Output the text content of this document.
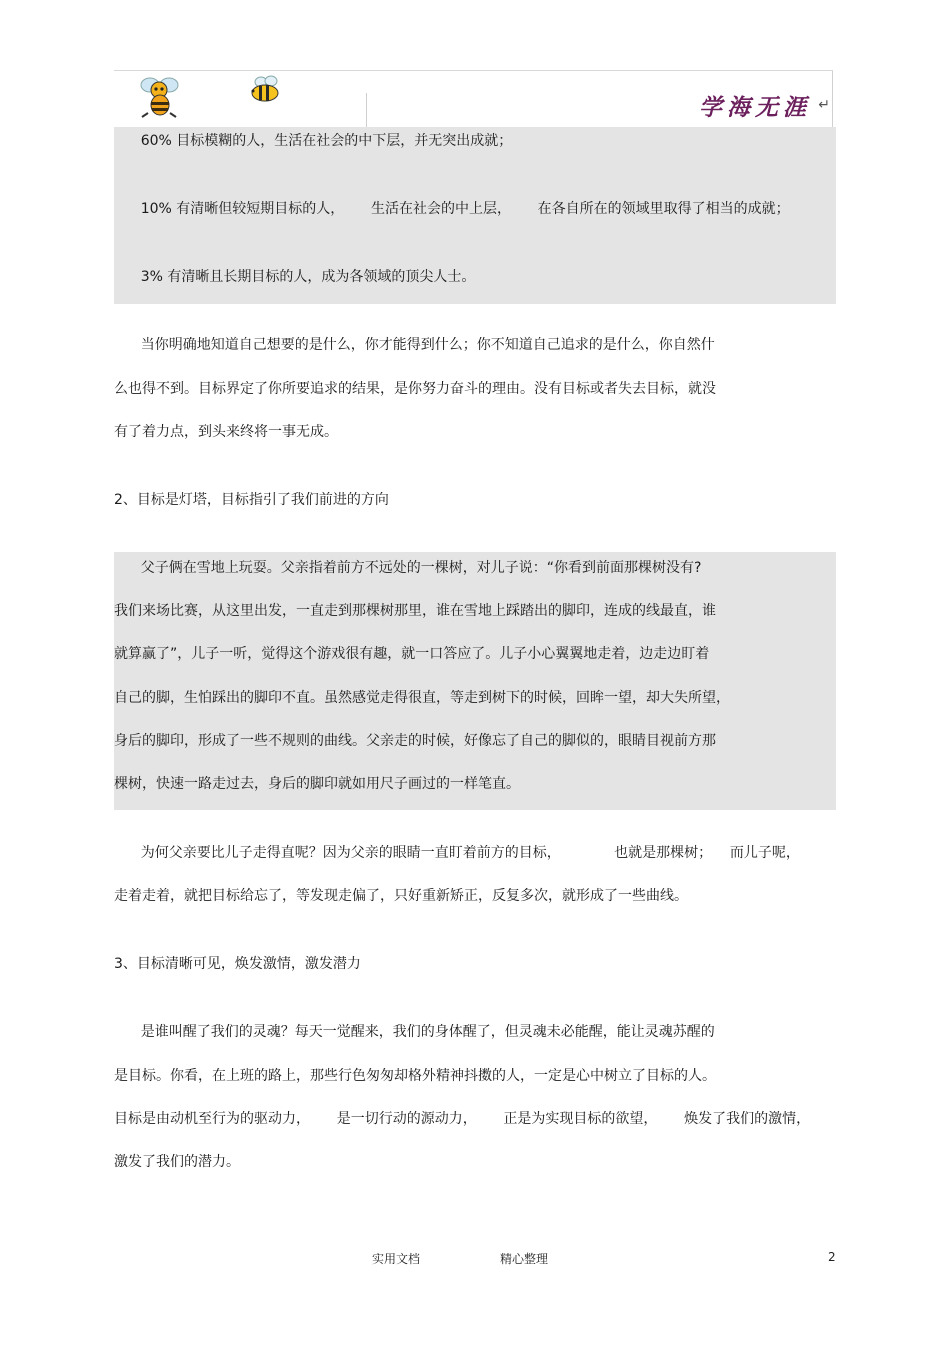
学海无涯 ↵
60% 目标模糊的人，生活在社会的中下层，并无突出成就；
10% 有清晰但较短期目标的人，      生活在社会的中上层，      在各自所在的领域里取得了相当的成就；
3% 有清晰且长期目标的人，成为各领域的顶尖人士。
当你明确地知道自己想要的是什么，你才能得到什么；你不知道自己追求的是什么，你自然什
么也得不到。目标界定了你所要追求的结果，是你努力奋斗的理由。没有目标或者失去目标，就没
有了着力点，到头来终将一事无成。
2、目标是灯塔，目标指引了我们前进的方向
父子俩在雪地上玩耍。父亲指着前方不远处的一棵树，对儿子说：“你看到前面那棵树没有?
我们来场比赛，从这里出发，一直走到那棵树那里，谁在雪地上踩踏出的脚印，连成的线最直，谁
就算赢了”，儿子一听，觉得这个游戏很有趣，就一口答应了。儿子小心翼翼地走着，边走边盯着
自己的脚，生怕踩出的脚印不直。虽然感觉走得很直，等走到树下的时候，回眸一望，却大失所望，
身后的脚印，形成了一些不规则的曲线。父亲走的时候，好像忘了自己的脚似的，眼睛目视前方那
棵树，快速一路走过去，身后的脚印就如用尺子画过的一样笔直。
为何父亲要比儿子走得直呢？因为父亲的眼睛一直盯着前方的目标，            也就是那棵树；    而儿子呢，
走着走着，就把目标给忘了，等发现走偏了，只好重新矫正，反复多次，就形成了一些曲线。
3、目标清晰可见，焕发激情，激发潜力
是谁叫醒了我们的灵魂？每天一觉醒来，我们的身体醒了，但灵魂未必能醒，能让灵魂苏醒的
是目标。你看，在上班的路上，那些行色匆匆却格外精神抖擞的人，一定是心中树立了目标的人。
目标是由动机至行为的驱动力，      是一切行动的源动力，      正是为实现目标的欲望，      焕发了我们的激情，
激发了我们的潜力。
实用文档	精心整理	2
